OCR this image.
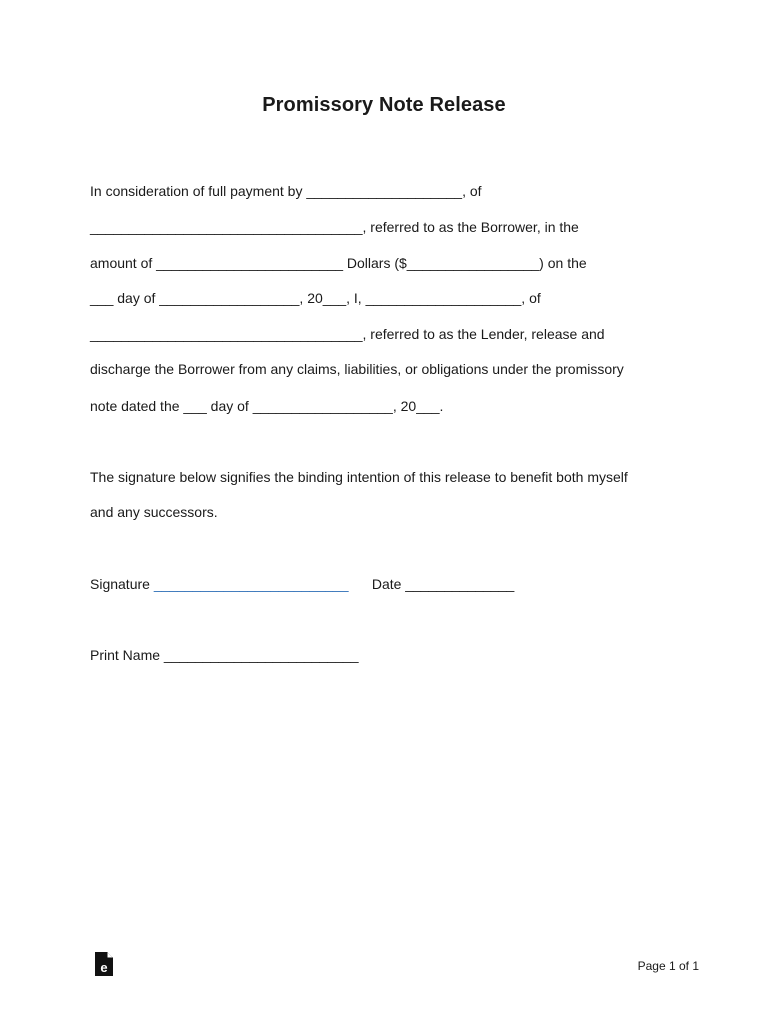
Promissory Note Release
In consideration of full payment by ____________________, of
___________________________________, referred to as the Borrower, in the
amount of ________________________ Dollars ($_________________) on the
___ day of __________________, 20___, I, ____________________, of
___________________________________, referred to as the Lender, release and
discharge the Borrower from any claims, liabilities, or obligations under the promissory
note dated the ___ day of __________________, 20___.
The signature below signifies the binding intention of this release to benefit both myself
and any successors.
Signature _________________________ Date ______________
Print Name _________________________
e	Page 1 of 1
